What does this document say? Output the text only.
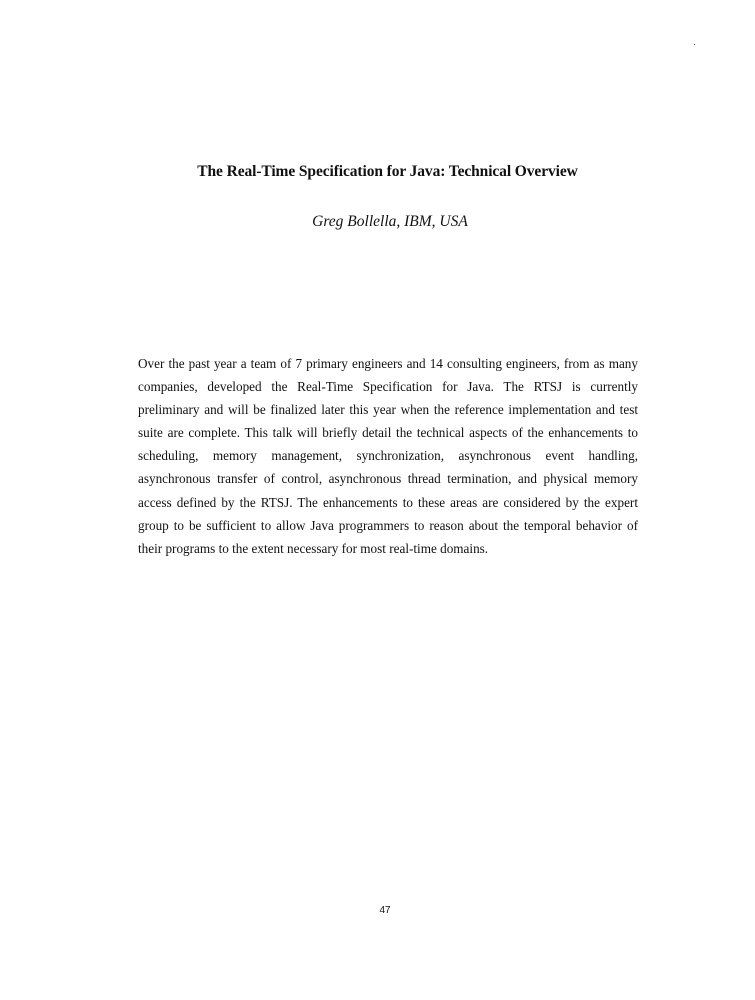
The Real-Time Specification for Java: Technical Overview
Greg Bollella, IBM, USA

Over the past year a team of 7 primary engineers and 14 consulting engineers, from as many companies, developed the Real-Time Specification for Java. The RTSJ is currently preliminary and will be finalized later this year when the reference implementation and test suite are complete. This talk will briefly detail the technical aspects of the enhancements to scheduling, memory management, synchronization, asynchronous event handling, asynchronous transfer of control, asynchronous thread termination, and physical memory access defined by the RTSJ. The enhancements to these areas are considered by the expert group to be sufficient to allow Java programmers to reason about the temporal behavior of their programs to the extent necessary for most real-time domains.

47
